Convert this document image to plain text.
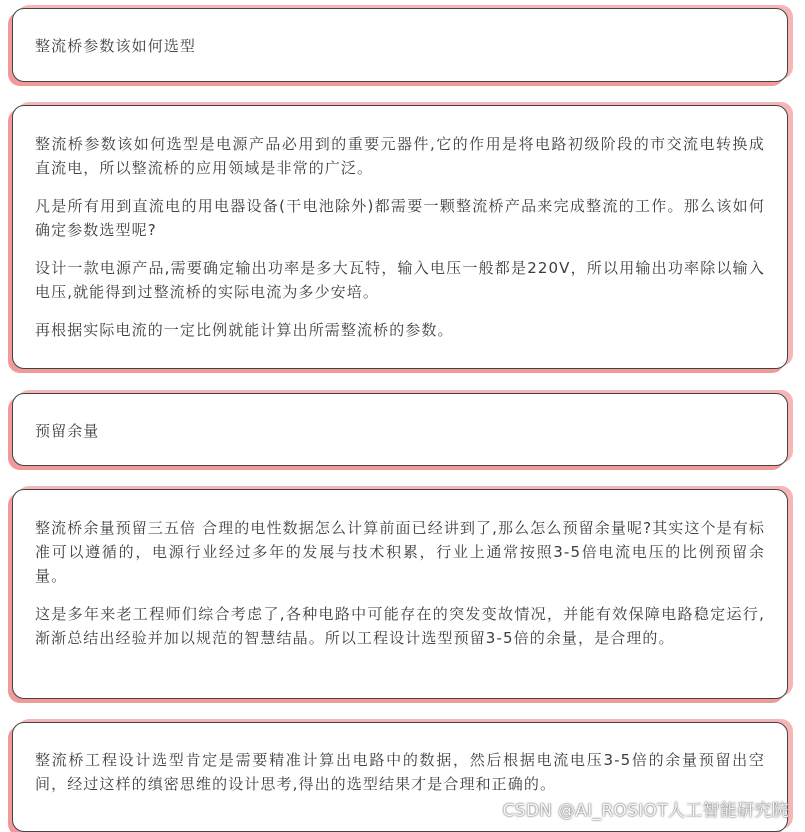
整流桥参数该如何选型

整流桥参数该如何选型是电源产品必用到的重要元器件,它的作用是将电路初级阶段的市交流电转换成直流电，所以整流桥的应用领域是非常的广泛。

凡是所有用到直流电的用电器设备(干电池除外)都需要一颗整流桥产品来完成整流的工作。那么该如何确定参数选型呢?

设计一款电源产品,需要确定输出功率是多大瓦特，输入电压一般都是220V，所以用输出功率除以输入电压,就能得到过整流桥的实际电流为多少安培。

再根据实际电流的一定比例就能计算出所需整流桥的参数。

预留余量

整流桥余量预留三五倍 合理的电性数据怎么计算前面已经讲到了,那么怎么预留余量呢?其实这个是有标准可以遵循的，电源行业经过多年的发展与技术积累，行业上通常按照3-5倍电流电压的比例预留余量。

这是多年来老工程师们综合考虑了,各种电路中可能存在的突发变故情况，并能有效保障电路稳定运行,渐渐总结出经验并加以规范的智慧结晶。所以工程设计选型预留3-5倍的余量，是合理的。

整流桥工程设计选型肯定是需要精准计算出电路中的数据，然后根据电流电压3-5倍的余量预留出空间，经过这样的缜密思维的设计思考,得出的选型结果才是合理和正确的。

CSDN @AI_ROSIOT人工智能研究院
